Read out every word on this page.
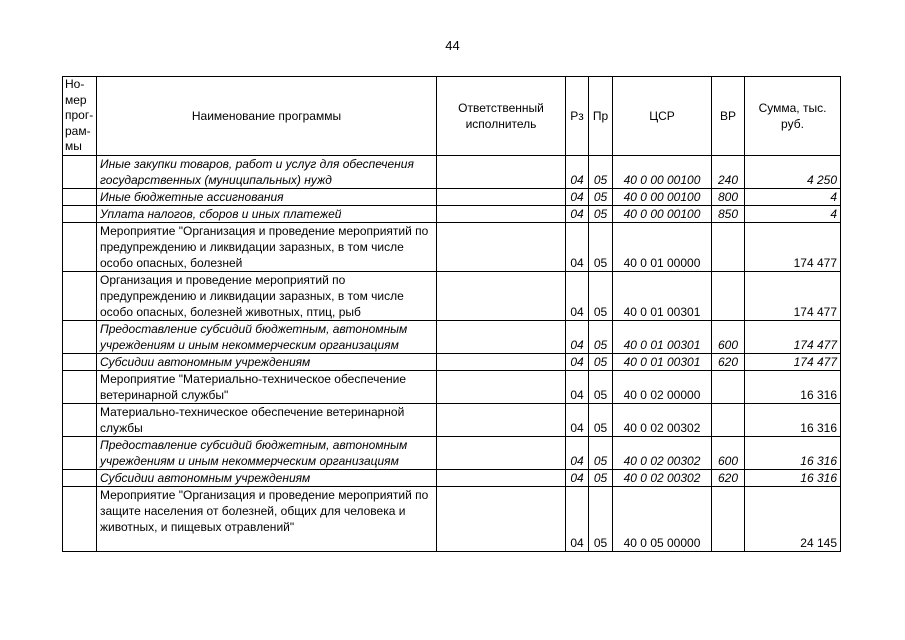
44
Но-
мер
прог-
рам-
мы	Наименование программы	Ответственный исполнитель	Рз	Пр	ЦСР	ВР	Сумма, тыс. руб.
	Иные закупки товаров, работ и услуг для обеспечения государственных (муниципальных) нужд		04	05	40 0 00 00100	240	4 250
	Иные бюджетные ассигнования		04	05	40 0 00 00100	800	4
	Уплата налогов, сборов и иных платежей		04	05	40 0 00 00100	850	4
	Мероприятие "Организация и проведение мероприятий по предупреждению и ликвидации заразных, в том числе особо опасных, болезней		04	05	40 0 01 00000		174 477
	Организация и проведение мероприятий по предупреждению и ликвидации заразных, в том числе особо опасных, болезней животных, птиц, рыб		04	05	40 0 01 00301		174 477
	Предоставление субсидий бюджетным, автономным учреждениям и иным некоммерческим организациям		04	05	40 0 01 00301	600	174 477
	Субсидии автономным учреждениям		04	05	40 0 01 00301	620	174 477
	Мероприятие "Материально-техническое обеспечение ветеринарной службы"		04	05	40 0 02 00000		16 316
	Материально-техническое обеспечение ветеринарной службы		04	05	40 0 02 00302		16 316
	Предоставление субсидий бюджетным, автономным учреждениям и иным некоммерческим организациям		04	05	40 0 02 00302	600	16 316
	Субсидии автономным учреждениям		04	05	40 0 02 00302	620	16 316
	Мероприятие "Организация и проведение мероприятий по защите населения от болезней, общих для человека и животных, и пищевых отравлений"		04	05	40 0 05 00000		24 145
